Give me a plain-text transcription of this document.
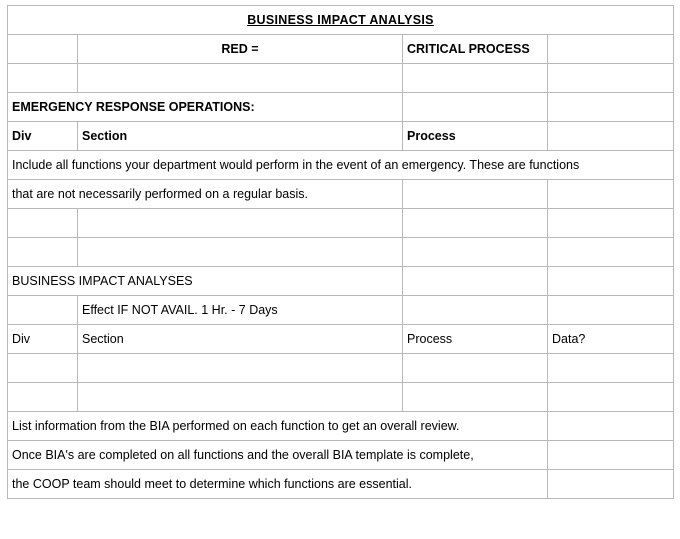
BUSINESS IMPACT ANALYSIS			
	RED =	CRITICAL PROCESS	

EMERGENCY RESPONSE OPERATIONS:			
Div	Section	Process	
Include all functions your department would perform in the event of an emergency. These are functions			
that are not necessarily performed on a regular basis.			

BUSINESS IMPACT ANALYSES			
	Effect IF NOT AVAIL. 1 Hr. - 7 Days		
Div	Section	Process	Data?

List information from the BIA performed on each function to get an overall review.			
Once BIA's are completed on all functions and the overall BIA template is complete,			
the COOP team should meet to determine which functions are essential.			
